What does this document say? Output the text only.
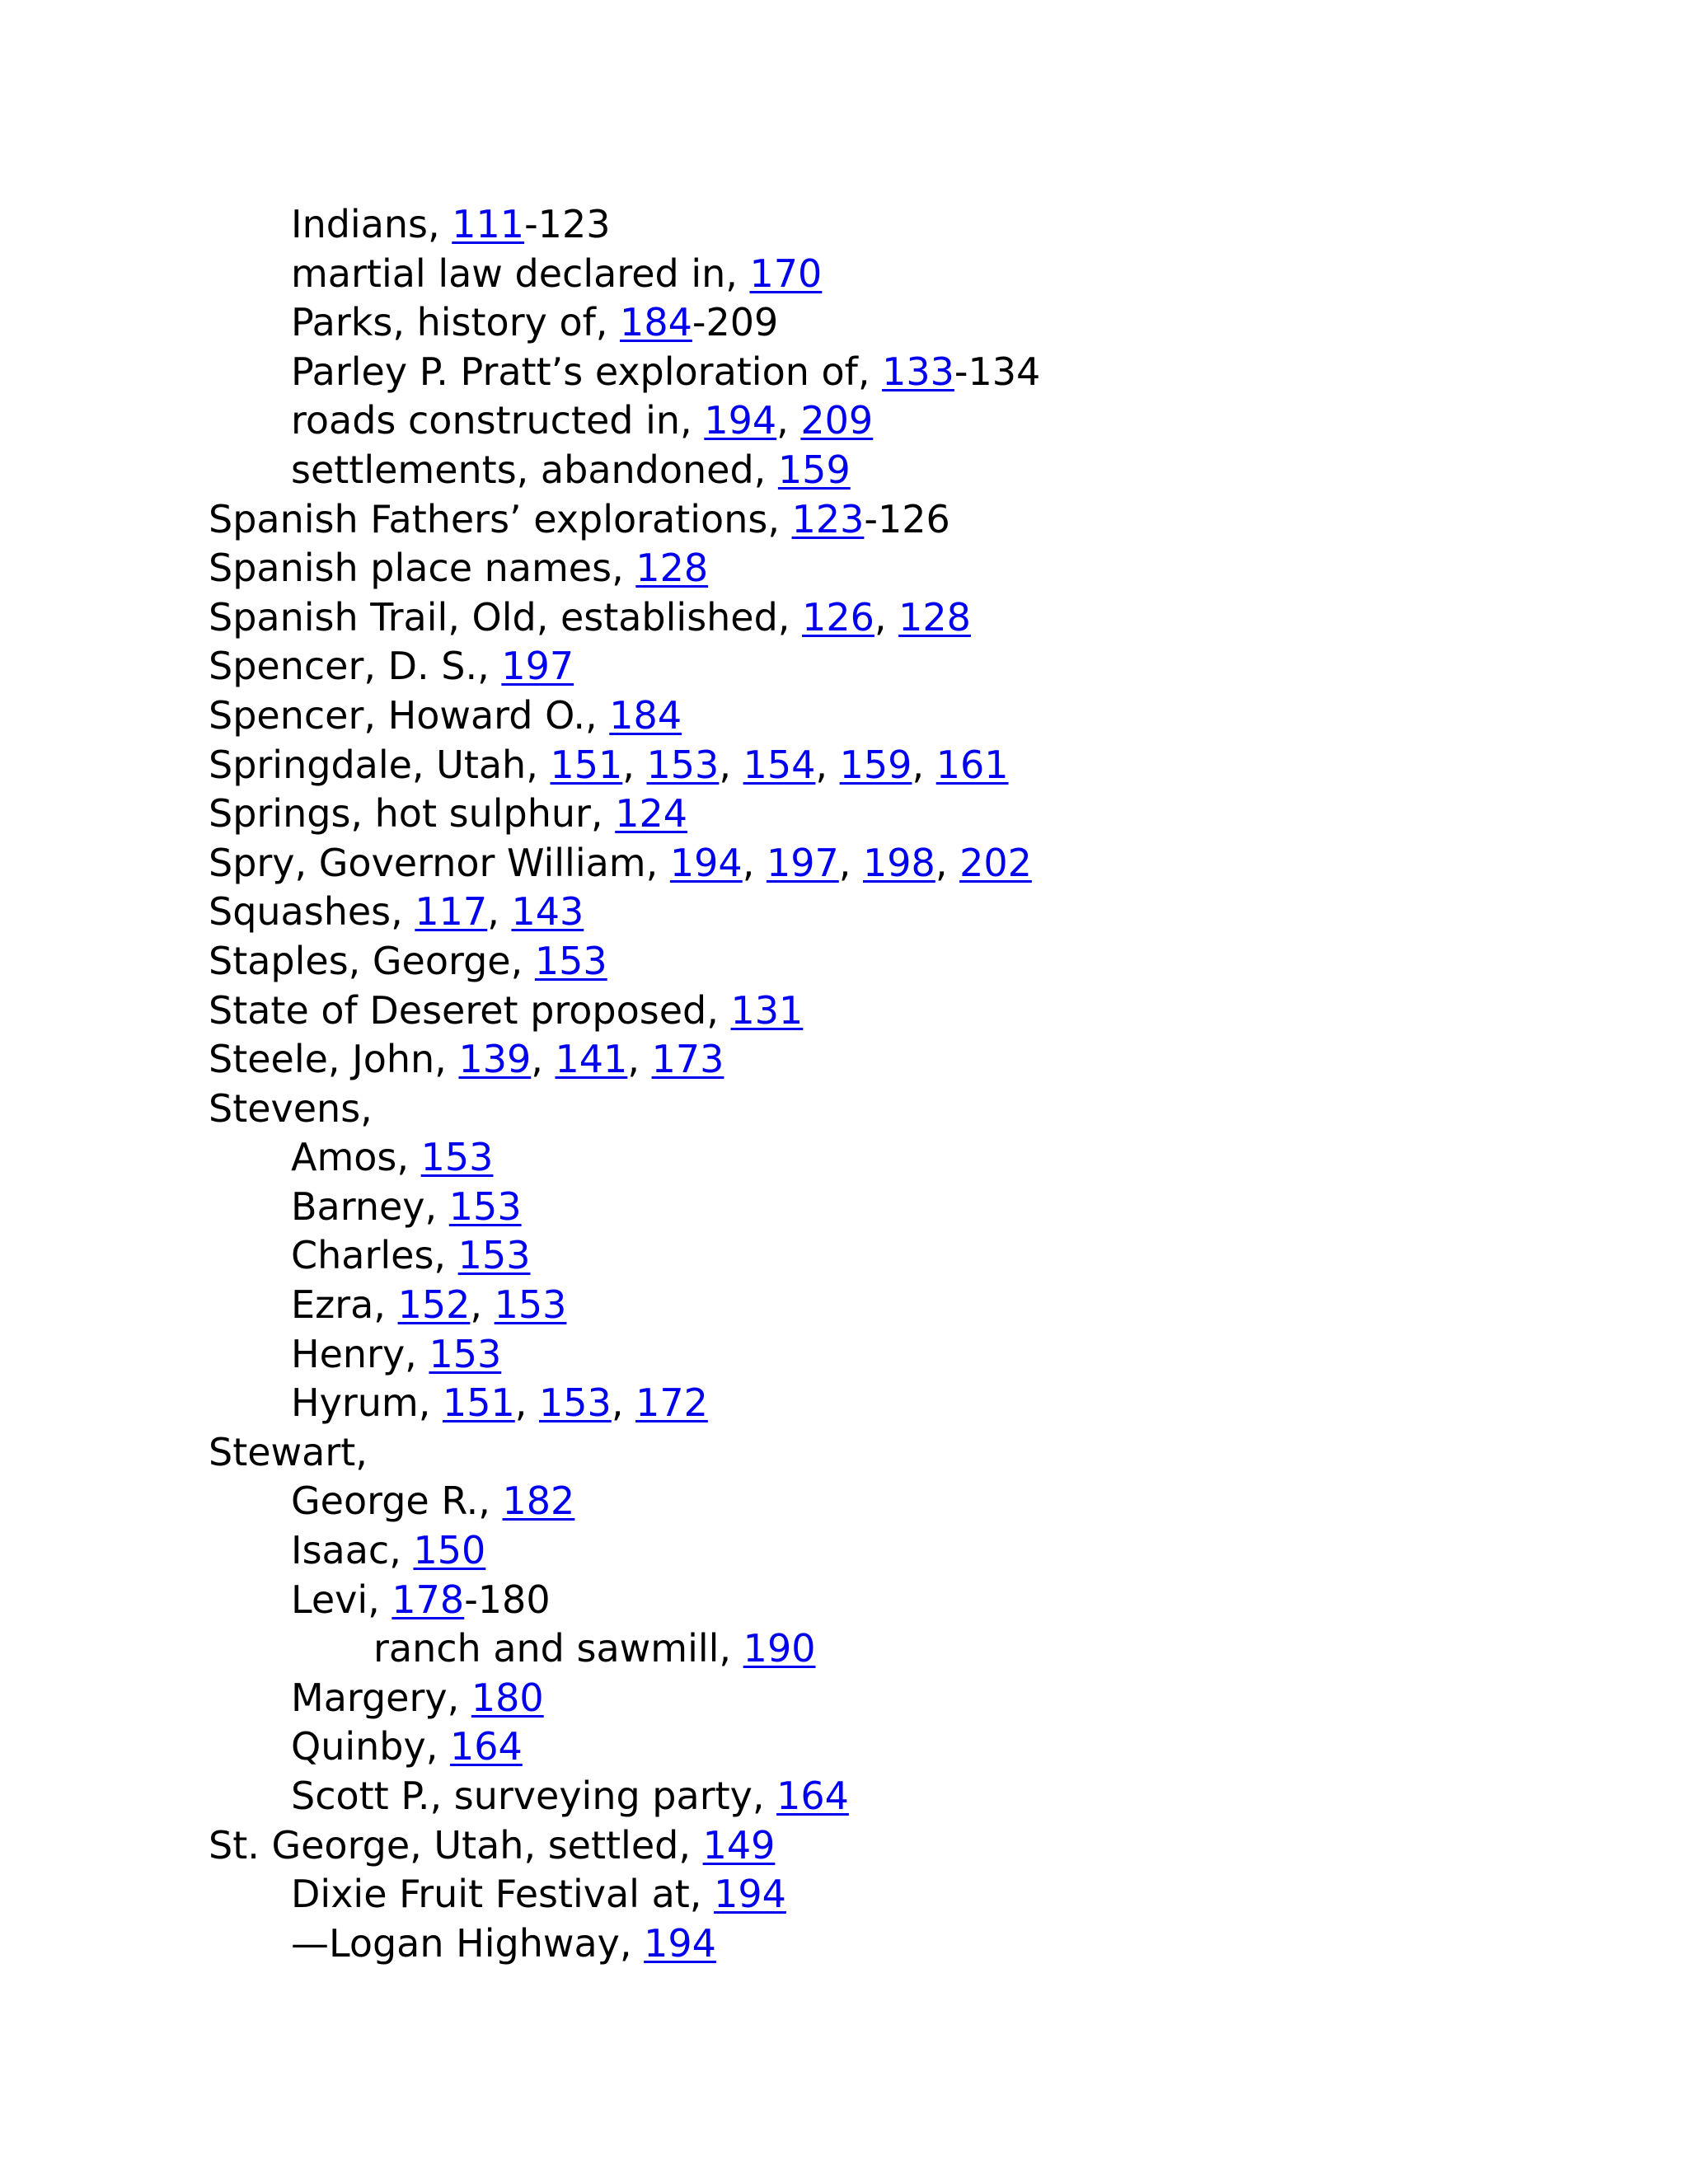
Indians, 111-123
martial law declared in, 170
Parks, history of, 184-209
Parley P. Pratt’s exploration of, 133-134
roads constructed in, 194, 209
settlements, abandoned, 159
Spanish Fathers’ explorations, 123-126
Spanish place names, 128
Spanish Trail, Old, established, 126, 128
Spencer, D. S., 197
Spencer, Howard O., 184
Springdale, Utah, 151, 153, 154, 159, 161
Springs, hot sulphur, 124
Spry, Governor William, 194, 197, 198, 202
Squashes, 117, 143
Staples, George, 153
State of Deseret proposed, 131
Steele, John, 139, 141, 173
Stevens,
Amos, 153
Barney, 153
Charles, 153
Ezra, 152, 153
Henry, 153
Hyrum, 151, 153, 172
Stewart,
George R., 182
Isaac, 150
Levi, 178-180
ranch and sawmill, 190
Margery, 180
Quinby, 164
Scott P., surveying party, 164
St. George, Utah, settled, 149
Dixie Fruit Festival at, 194
—Logan Highway, 194
